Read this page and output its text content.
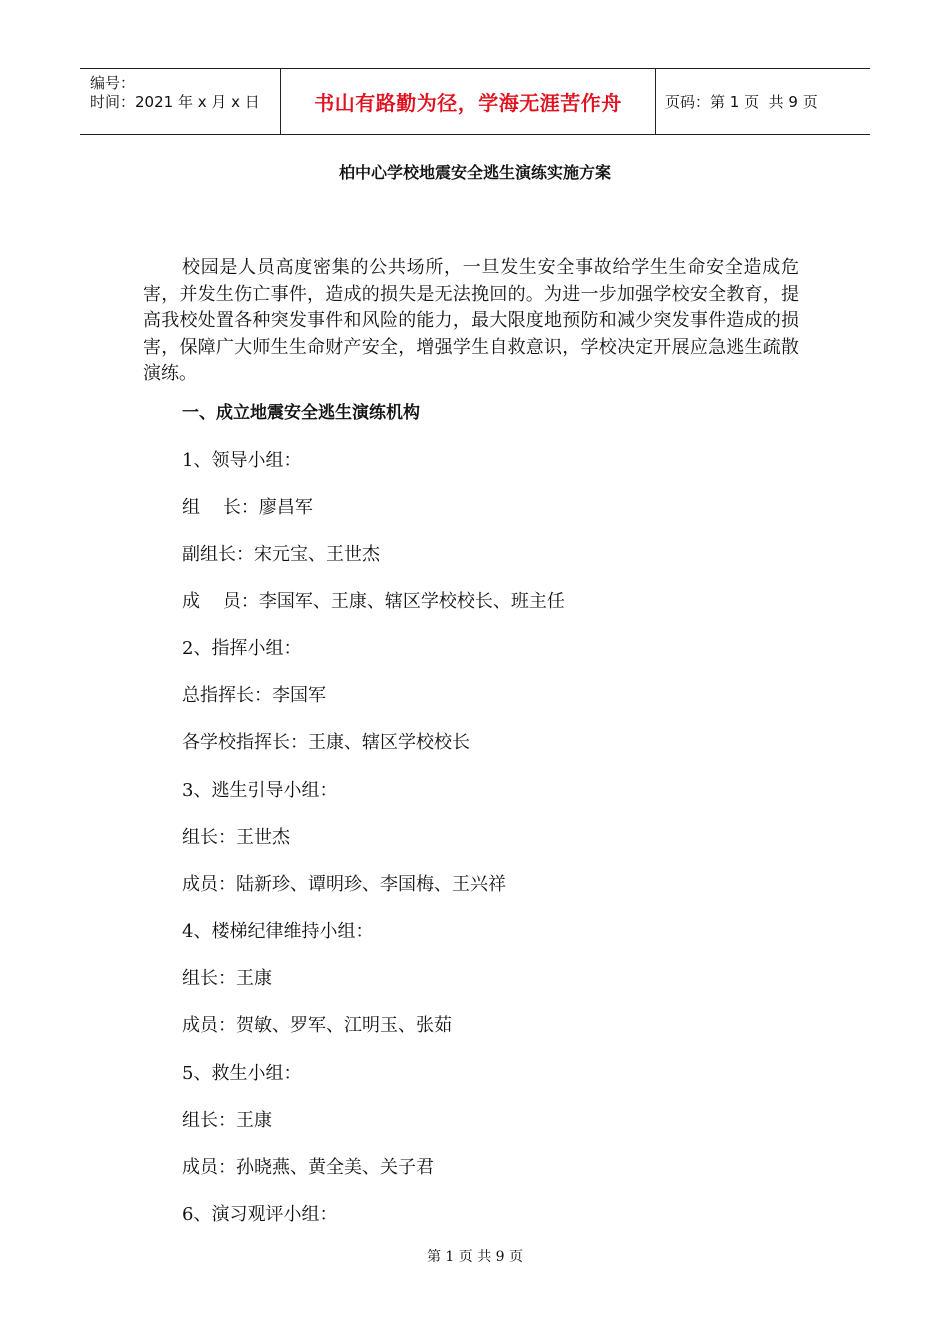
编号：
时间：2021 年 x 月 x 日	书山有路勤为径，学海无涯苦作舟	页码：第 1 页  共 9 页
柏中心学校地震安全逃生演练实施方案

校园是人员高度密集的公共场所，一旦发生安全事故给学生生命安全造成危害，并发生伤亡事件，造成的损失是无法挽回的。为进一步加强学校安全教育，提高我校处置各种突发事件和风险的能力，最大限度地预防和减少突发事件造成的损害，保障广大师生生命财产安全，增强学生自救意识，学校决定开展应急逃生疏散演练。

一、成立地震安全逃生演练机构
1、领导小组：
组    长：廖昌军
副组长：宋元宝、王世杰
成    员：李国军、王康、辖区学校校长、班主任
2、指挥小组：
总指挥长：李国军
各学校指挥长：王康、辖区学校校长
3、逃生引导小组：
组长：王世杰
成员：陆新珍、谭明珍、李国梅、王兴祥
4、楼梯纪律维持小组：
组长：王康
成员：贺敏、罗军、江明玉、张茹
5、救生小组：
组长：王康
成员：孙晓燕、黄全美、关子君
6、演习观评小组：
第 1 页 共 9 页
